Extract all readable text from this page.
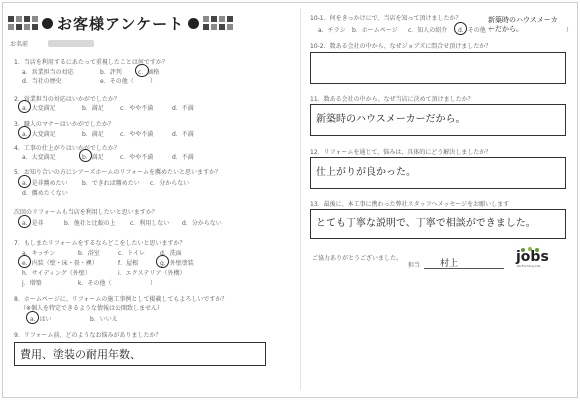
お客様アンケート
お名前
1．当店を利用するにあたって重視したことは何ですか？
a．営業担当の対応	b．評判	c．価格
d．当社の歴史	e．その他（	）
2．営業担当の対応はいかがでしたか？
a．大変満足	b．満足	c．やや不満	d．不満
3．職人のマナーはいかがでしたか？
a．大変満足	b．満足	c．やや不満	d．不満
4．工事の仕上がりはいかがでしたか？
a．大変満足	b．満足	c．やや不満	d．不満
5．お知り合いの方にシアーズホームのリフォームを薦めたいと思いますか？
a．是非薦めたい b．できれば薦めたい c．分からない
d．薦めたくない
次回のリフォームも当店を利用したいと思いますか？
a．是非	b．他社と比較の上 c．利用しない d．分からない
7．もしまたリフォームをするならどこをしたいと思いますか？
a．キッチン	b．浴室	c．トイレ	d．洗面
e．内装（壁・床・畳・襖）	f．屋根	g．外壁塗装
h．サイディング（外壁）	i．エクステリア（外構）
j．増築	k．その他（	）
8．ホームページに、リフォームの施工事例として掲載してもよろしいですか？
（※個人を特定できるような情報は公開致しません）
a．はい	b．いいえ
9．リフォーム前、どのようなお悩みがありましたか？
費用、塗装の耐用年数、
10-1．何をきっかけにで、当店を知って頂けましたか？
a．チラシ b．ホームページ c．知人の紹介 d．その他（	）
新築時のハウスメーカーだから。
10-2．数ある会社の中から、なぜジョブズに問合せ頂けましたか？
11．数ある会社の中から、なぜ当店に決めて頂けましたか？
新築時のハウスメーカーだから。
12．リフォームを通じて、悩みは、具体的にどう解決しましたか？
仕上がりが良かった。
13．最後に、本工事に携わった弊社スタッフへメッセージをお願いします
とても丁寧な説明で、丁寧で相談ができました。
ご協力ありがとうございました。
担当 村上	jobs
Re:Forming Life
